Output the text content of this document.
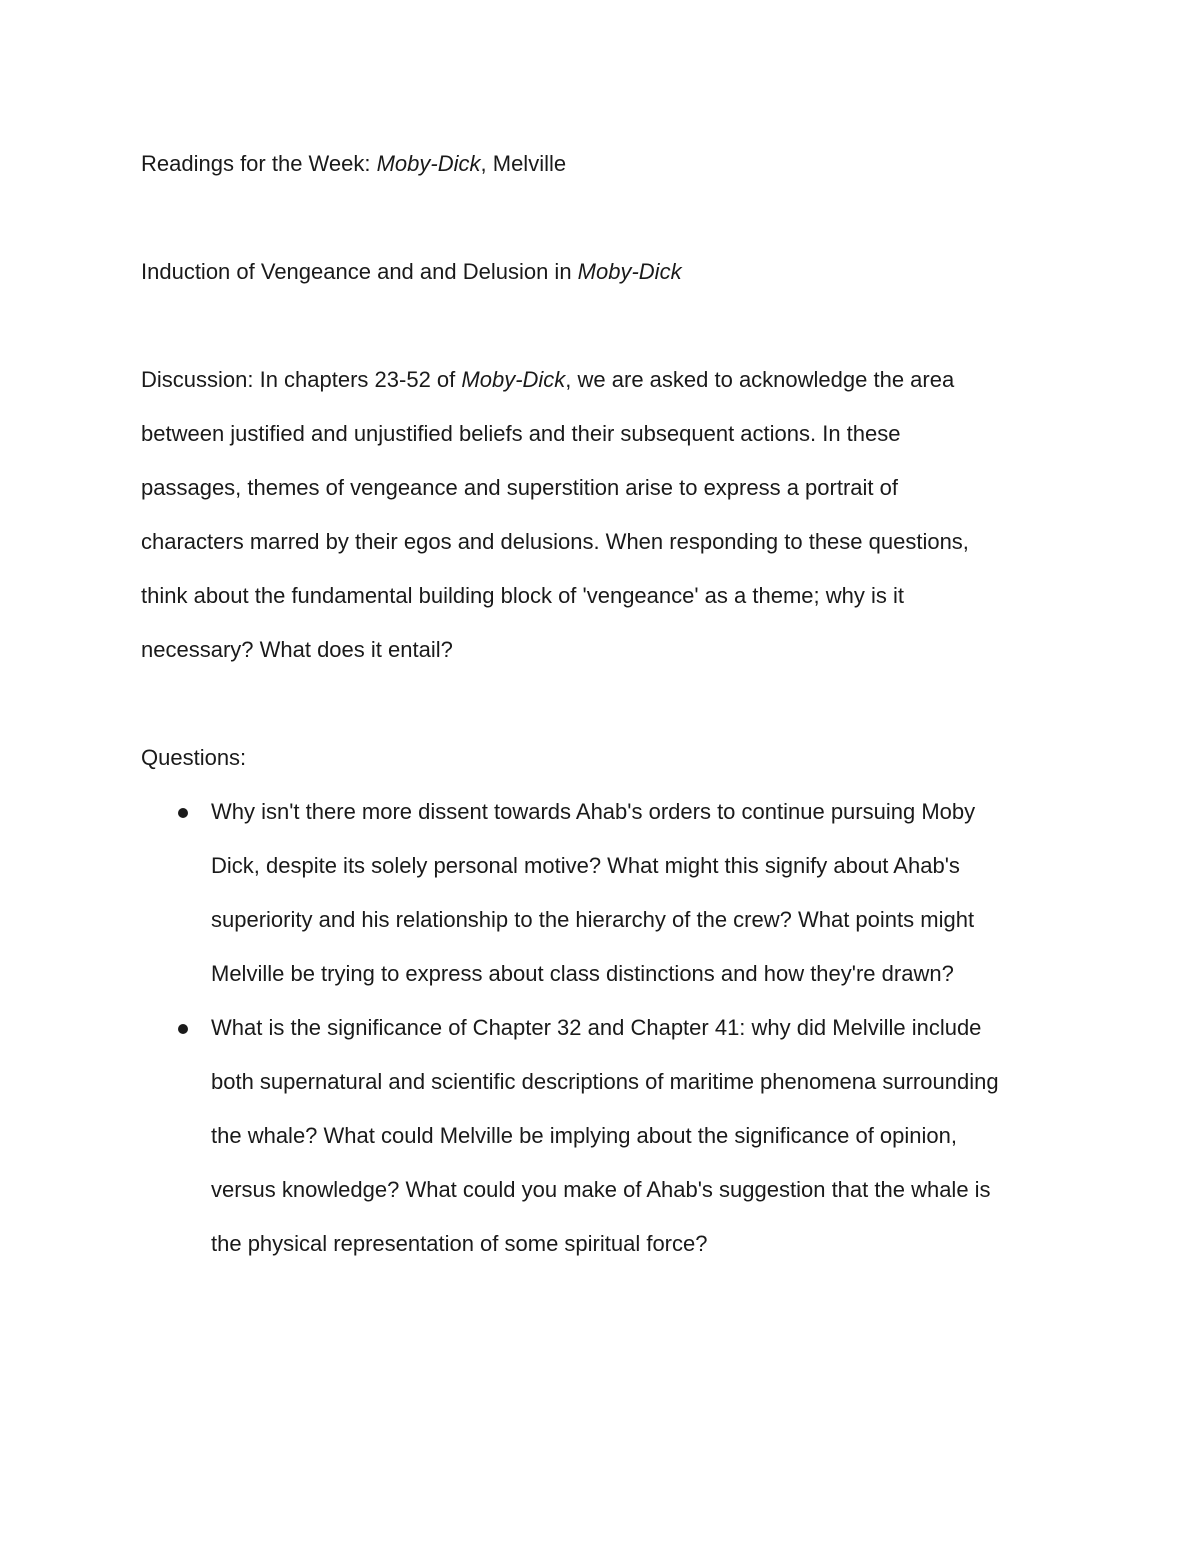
Readings for the Week: Moby-Dick, Melville

Induction of Vengeance and and Delusion in Moby-Dick

Discussion: In chapters 23-52 of Moby-Dick, we are asked to acknowledge the area
between justified and unjustified beliefs and their subsequent actions. In these
passages, themes of vengeance and superstition arise to express a portrait of
characters marred by their egos and delusions. When responding to these questions,
think about the fundamental building block of 'vengeance' as a theme; why is it
necessary? What does it entail?

Questions:

Why isn't there more dissent towards Ahab's orders to continue pursuing Moby
Dick, despite its solely personal motive? What might this signify about Ahab's
superiority and his relationship to the hierarchy of the crew? What points might
Melville be trying to express about class distinctions and how they're drawn?
What is the significance of Chapter 32 and Chapter 41: why did Melville include
both supernatural and scientific descriptions of maritime phenomena surrounding
the whale? What could Melville be implying about the significance of opinion,
versus knowledge? What could you make of Ahab's suggestion that the whale is
the physical representation of some spiritual force?
